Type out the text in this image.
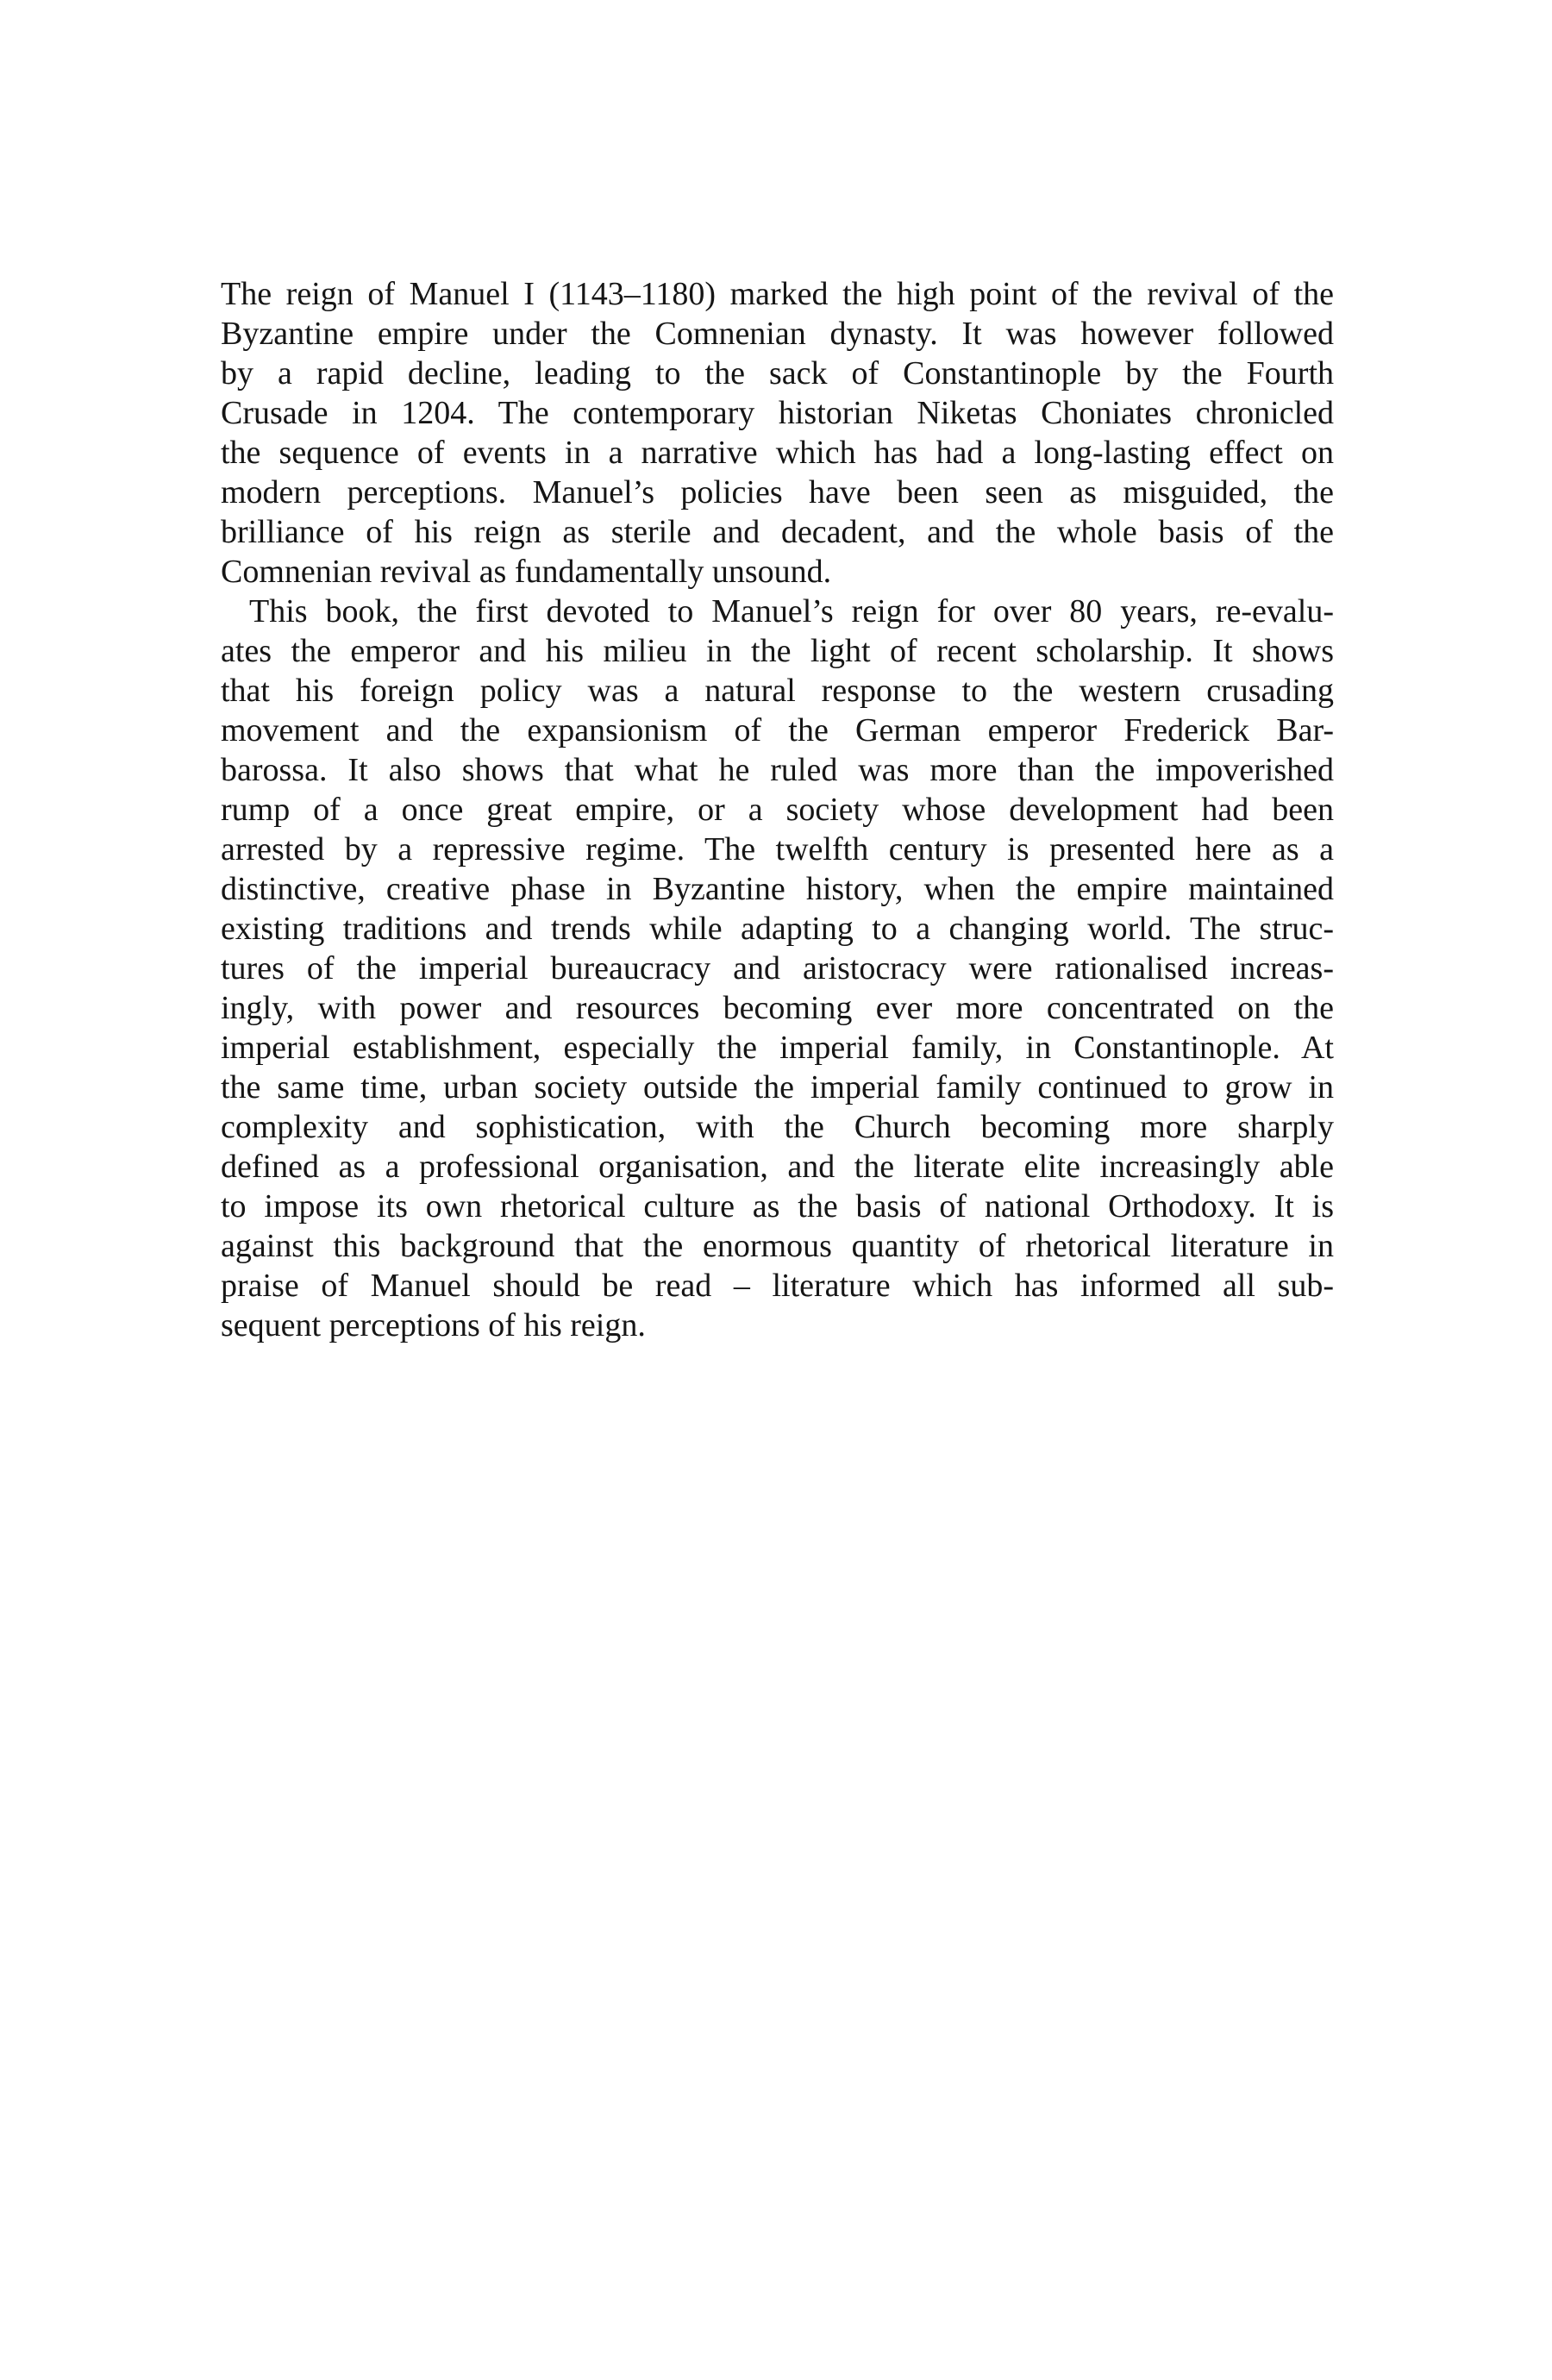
The reign of Manuel I (1143–1180) marked the high point of the revival of the
Byzantine empire under the Comnenian dynasty. It was however followed
by a rapid decline, leading to the sack of Constantinople by the Fourth
Crusade in 1204. The contemporary historian Niketas Choniates chronicled
the sequence of events in a narrative which has had a long-lasting effect on
modern perceptions. Manuel’s policies have been seen as misguided, the
brilliance of his reign as sterile and decadent, and the whole basis of the
Comnenian revival as fundamentally unsound.

This book, the first devoted to Manuel’s reign for over 80 years, re-evalu-
ates the emperor and his milieu in the light of recent scholarship. It shows
that his foreign policy was a natural response to the western crusading
movement and the expansionism of the German emperor Frederick Bar-
barossa. It also shows that what he ruled was more than the impoverished
rump of a once great empire, or a society whose development had been
arrested by a repressive regime. The twelfth century is presented here as a
distinctive, creative phase in Byzantine history, when the empire maintained
existing traditions and trends while adapting to a changing world. The struc-
tures of the imperial bureaucracy and aristocracy were rationalised increas-
ingly, with power and resources becoming ever more concentrated on the
imperial establishment, especially the imperial family, in Constantinople. At
the same time, urban society outside the imperial family continued to grow in
complexity and sophistication, with the Church becoming more sharply
defined as a professional organisation, and the literate elite increasingly able
to impose its own rhetorical culture as the basis of national Orthodoxy. It is
against this background that the enormous quantity of rhetorical literature in
praise of Manuel should be read – literature which has informed all sub-
sequent perceptions of his reign.
